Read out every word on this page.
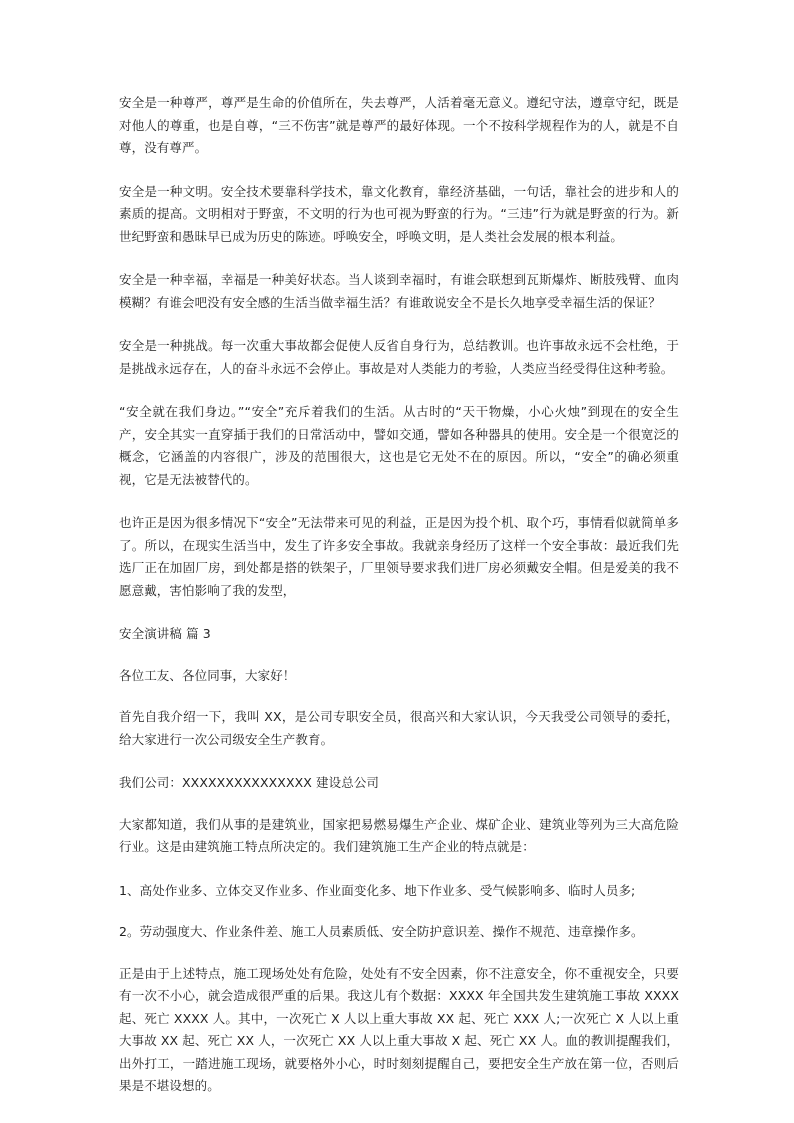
安全是一种尊严，尊严是生命的价值所在，失去尊严，人活着毫无意义。遵纪守法，遵章守纪，既是对他人的尊重，也是自尊，“三不伤害”就是尊严的最好体现。一个不按科学规程作为的人，就是不自尊，没有尊严。

安全是一种文明。安全技术要靠科学技术，靠文化教育，靠经济基础，一句话，靠社会的进步和人的素质的提高。文明相对于野蛮，不文明的行为也可视为野蛮的行为。“三违”行为就是野蛮的行为。新世纪野蛮和愚昧早已成为历史的陈迹。呼唤安全，呼唤文明，是人类社会发展的根本利益。

安全是一种幸福，幸福是一种美好状态。当人谈到幸福时，有谁会联想到瓦斯爆炸、断肢残臂、血肉模糊？有谁会吧没有安全感的生活当做幸福生活？有谁敢说安全不是长久地享受幸福生活的保证？

安全是一种挑战。每一次重大事故都会促使人反省自身行为，总结教训。也许事故永远不会杜绝，于是挑战永远存在，人的奋斗永远不会停止。事故是对人类能力的考验，人类应当经受得住这种考验。

“安全就在我们身边。”“安全”充斥着我们的生活。从古时的“天干物燥，小心火烛”到现在的安全生产，安全其实一直穿插于我们的日常活动中，譬如交通，譬如各种器具的使用。安全是一个很宽泛的概念，它涵盖的内容很广，涉及的范围很大，这也是它无处不在的原因。所以，“安全”的确必须重视，它是无法被替代的。

也许正是因为很多情况下“安全”无法带来可见的利益，正是因为投个机、取个巧，事情看似就简单多了。所以，在现实生活当中，发生了许多安全事故。我就亲身经历了这样一个安全事故：最近我们先选厂正在加固厂房，到处都是搭的铁架子，厂里领导要求我们进厂房必须戴安全帽。但是爱美的我不愿意戴，害怕影响了我的发型，

安全演讲稿 篇 3

各位工友、各位同事，大家好！

首先自我介绍一下，我叫 XX，是公司专职安全员，很高兴和大家认识，今天我受公司领导的委托，给大家进行一次公司级安全生产教育。

我们公司：XXXXXXXXXXXXXXX 建设总公司

大家都知道，我们从事的是建筑业，国家把易燃易爆生产企业、煤矿企业、建筑业等列为三大高危险行业。这是由建筑施工特点所决定的。我们建筑施工生产企业的特点就是：

1、高处作业多、立体交叉作业多、作业面变化多、地下作业多、受气候影响多、临时人员多;

2。劳动强度大、作业条件差、施工人员素质低、安全防护意识差、操作不规范、违章操作多。

正是由于上述特点，施工现场处处有危险，处处有不安全因素，你不注意安全，你不重视安全，只要有一次不小心，就会造成很严重的后果。我这儿有个数据：XXXX 年全国共发生建筑施工事故 XXXX 起、死亡 XXXX 人。其中，一次死亡 X 人以上重大事故 XX 起、死亡 XXX 人;一次死亡 X 人以上重大事故 XX 起、死亡 XX 人，一次死亡 XX 人以上重大事故 X 起、死亡 XX 人。血的教训提醒我们，出外打工，一踏进施工现场，就要格外小心，时时刻刻提醒自己，要把安全生产放在第一位，否则后果是不堪设想的。
